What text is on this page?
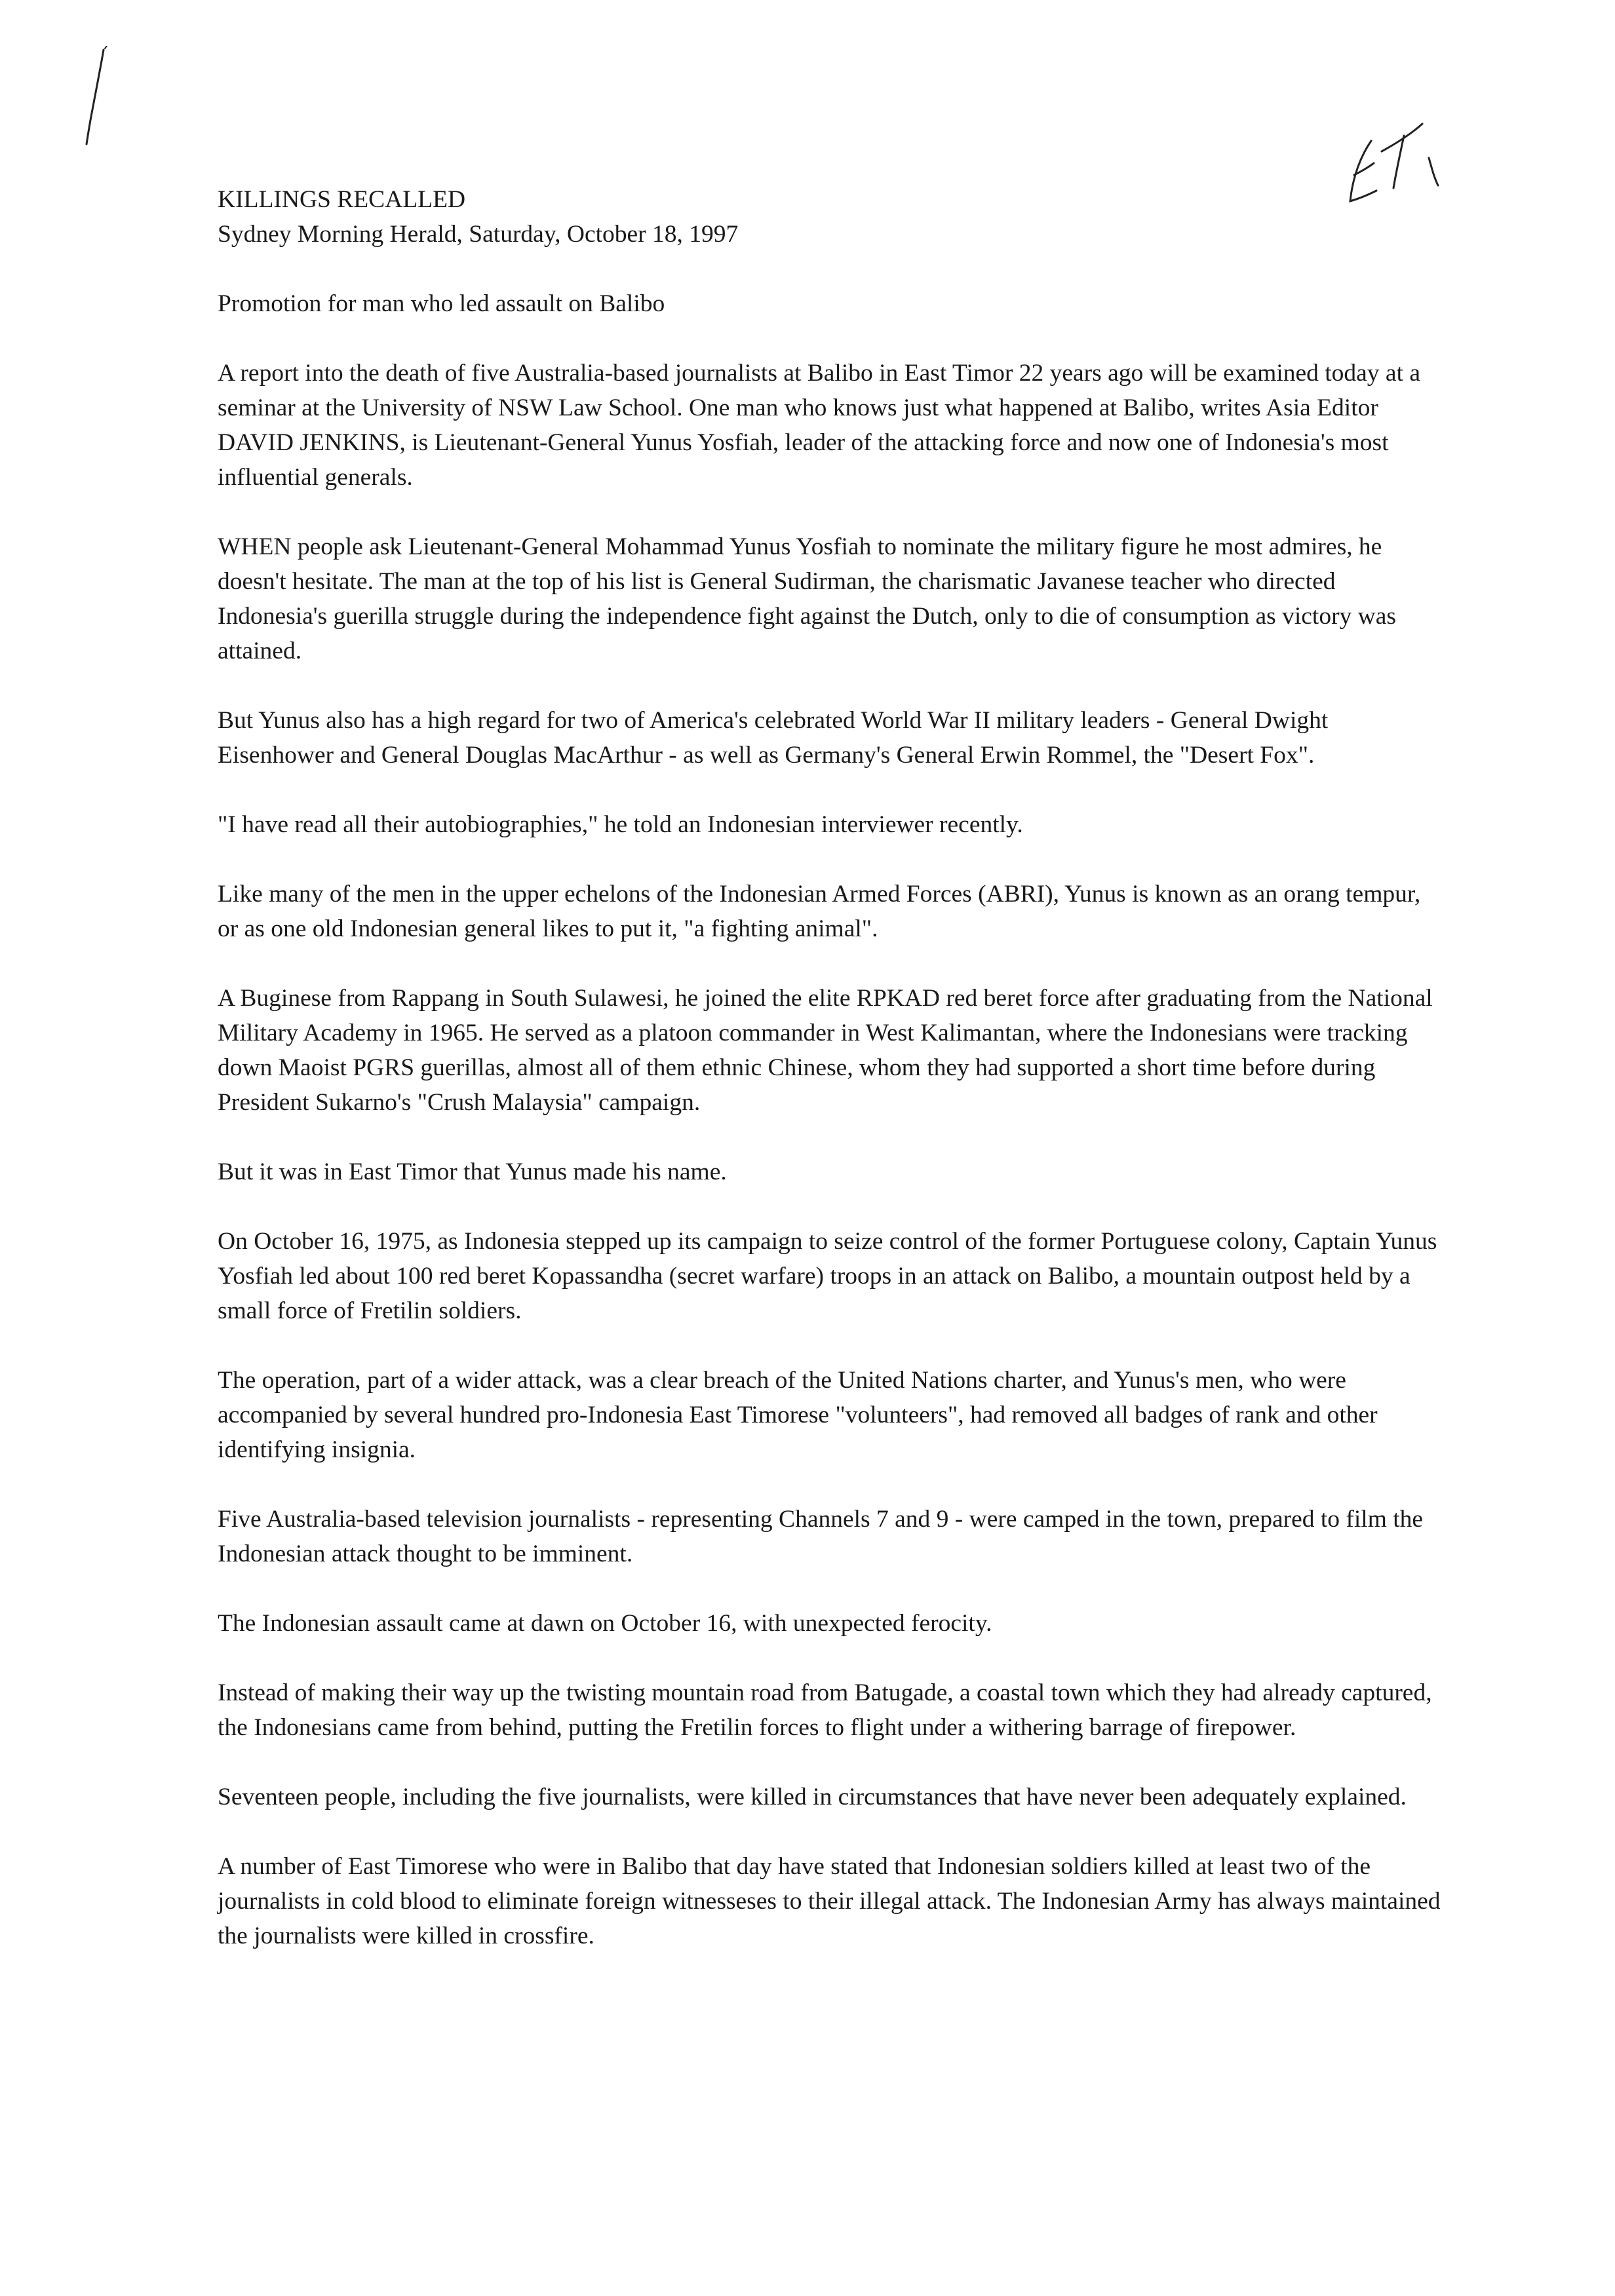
KILLINGS RECALLED

Sydney Morning Herald, Saturday, October 18, 1997

Promotion for man who led assault on Balibo

A report into the death of five Australia-based journalists at Balibo in East Timor 22 years ago will be examined today at a seminar at the University of NSW Law School. One man who knows just what happened at Balibo, writes Asia Editor DAVID JENKINS, is Lieutenant-General Yunus Yosfiah, leader of the attacking force and now one of Indonesia's most influential generals.

WHEN people ask Lieutenant-General Mohammad Yunus Yosfiah to nominate the military figure he most admires, he doesn't hesitate. The man at the top of his list is General Sudirman, the charismatic Javanese teacher who directed Indonesia's guerilla struggle during the independence fight against the Dutch, only to die of consumption as victory was attained.

But Yunus also has a high regard for two of America's celebrated World War II military leaders - General Dwight Eisenhower and General Douglas MacArthur - as well as Germany's General Erwin Rommel, the "Desert Fox".

"I have read all their autobiographies," he told an Indonesian interviewer recently.

Like many of the men in the upper echelons of the Indonesian Armed Forces (ABRI), Yunus is known as an orang tempur, or as one old Indonesian general likes to put it, "a fighting animal".

A Buginese from Rappang in South Sulawesi, he joined the elite RPKAD red beret force after graduating from the National Military Academy in 1965. He served as a platoon commander in West Kalimantan, where the Indonesians were tracking down Maoist PGRS guerillas, almost all of them ethnic Chinese, whom they had supported a short time before during President Sukarno's "Crush Malaysia" campaign.

But it was in East Timor that Yunus made his name.

On October 16, 1975, as Indonesia stepped up its campaign to seize control of the former Portuguese colony, Captain Yunus Yosfiah led about 100 red beret Kopassandha (secret warfare) troops in an attack on Balibo, a mountain outpost held by a small force of Fretilin soldiers.

The operation, part of a wider attack, was a clear breach of the United Nations charter, and Yunus's men, who were accompanied by several hundred pro-Indonesia East Timorese "volunteers", had removed all badges of rank and other identifying insignia.

Five Australia-based television journalists - representing Channels 7 and 9 - were camped in the town, prepared to film the Indonesian attack thought to be imminent.

The Indonesian assault came at dawn on October 16, with unexpected ferocity.

Instead of making their way up the twisting mountain road from Batugade, a coastal town which they had already captured, the Indonesians came from behind, putting the Fretilin forces to flight under a withering barrage of firepower.

Seventeen people, including the five journalists, were killed in circumstances that have never been adequately explained.

A number of East Timorese who were in Balibo that day have stated that Indonesian soldiers killed at least two of the journalists in cold blood to eliminate foreign witnesseses to their illegal attack. The Indonesian Army has always maintained the journalists were killed in crossfire.
